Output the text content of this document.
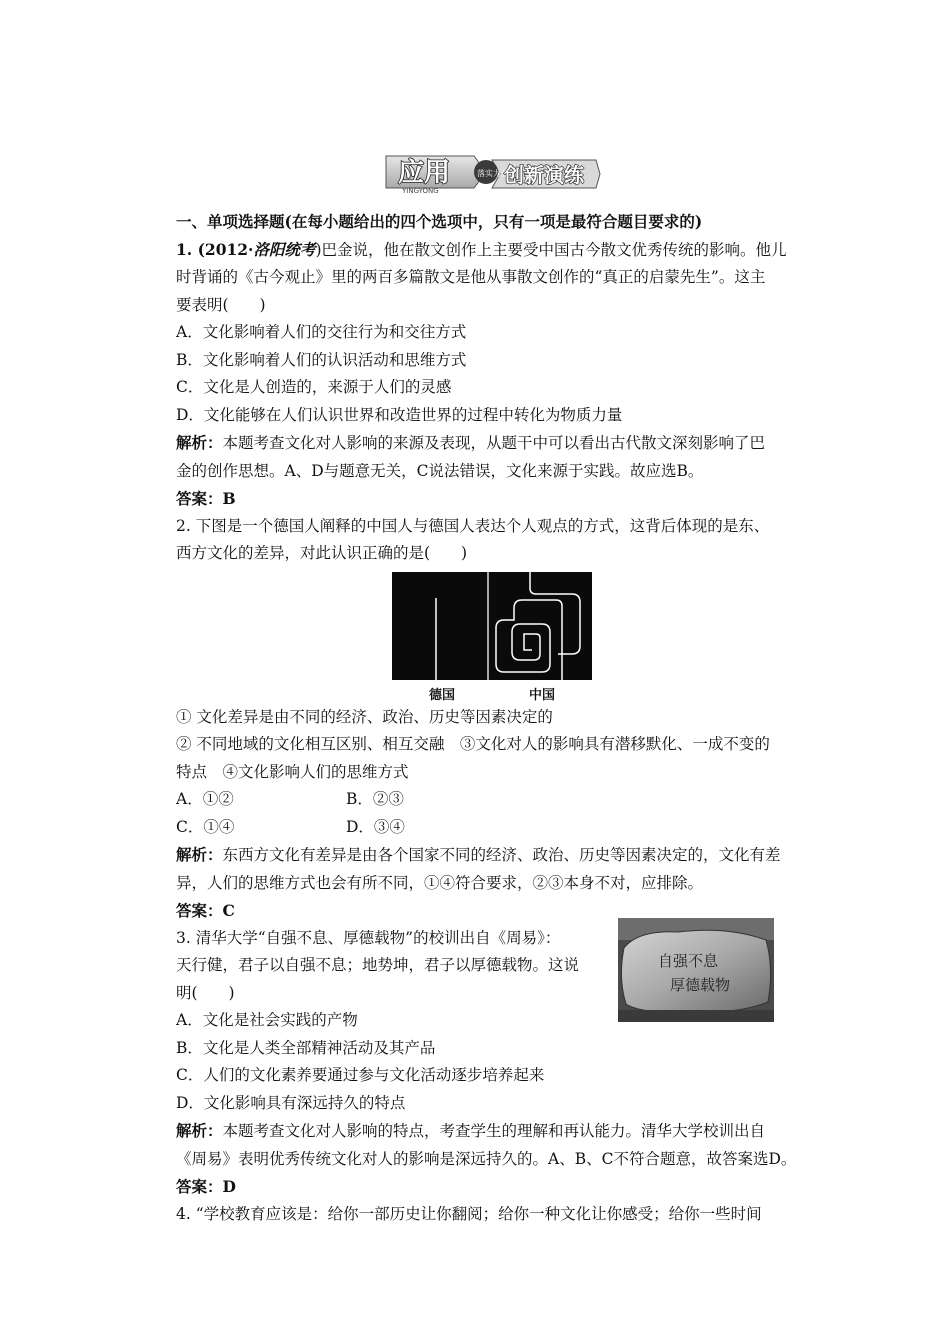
应用
YINGYONG
落实力量
创新演练
一、单项选择题(在每小题给出的四个选项中，只有一项是最符合题目要求的)
1. (2012·洛阳统考)巴金说，他在散文创作上主要受中国古今散文优秀传统的影响。他儿
时背诵的《古今观止》里的两百多篇散文是他从事散文创作的“真正的启蒙先生”。这主
要表明(　　)
A．文化影响着人们的交往行为和交往方式
B．文化影响着人们的认识活动和思维方式
C．文化是人创造的，来源于人们的灵感
D．文化能够在人们认识世界和改造世界的过程中转化为物质力量
解析：本题考查文化对人影响的来源及表现，从题干中可以看出古代散文深刻影响了巴
金的创作思想。A、D与题意无关，C说法错误，文化来源于实践。故应选B。
答案：B
2. 下图是一个德国人阐释的中国人与德国人表达个人观点的方式，这背后体现的是东、
西方文化的差异，对此认识正确的是(　　)
① 文化差异是由不同的经济、政治、历史等因素决定的
② 不同地域的文化相互区别、相互交融　③文化对人的影响具有潜移默化、一成不变的
特点　④文化影响人们的思维方式
A．①②	B．②③
C．①④	D．③④
解析：东西方文化有差异是由各个国家不同的经济、政治、历史等因素决定的，文化有差
异，人们的思维方式也会有所不同，①④符合要求，②③本身不对，应排除。
答案：C
3. 清华大学“自强不息、厚德载物”的校训出自《周易》：
天行健，君子以自强不息；地势坤，君子以厚德载物。这说
明(　　)
A．文化是社会实践的产物
B．文化是人类全部精神活动及其产品
C．人们的文化素养要通过参与文化活动逐步培养起来
D．文化影响具有深远持久的特点
解析：本题考查文化对人影响的特点，考查学生的理解和再认能力。清华大学校训出自
《周易》表明优秀传统文化对人的影响是深远持久的。A、B、C不符合题意，故答案选D。
答案：D
4. “学校教育应该是：给你一部历史让你翻阅；给你一种文化让你感受；给你一些时间
德国	中国
自强不息
厚德载物
